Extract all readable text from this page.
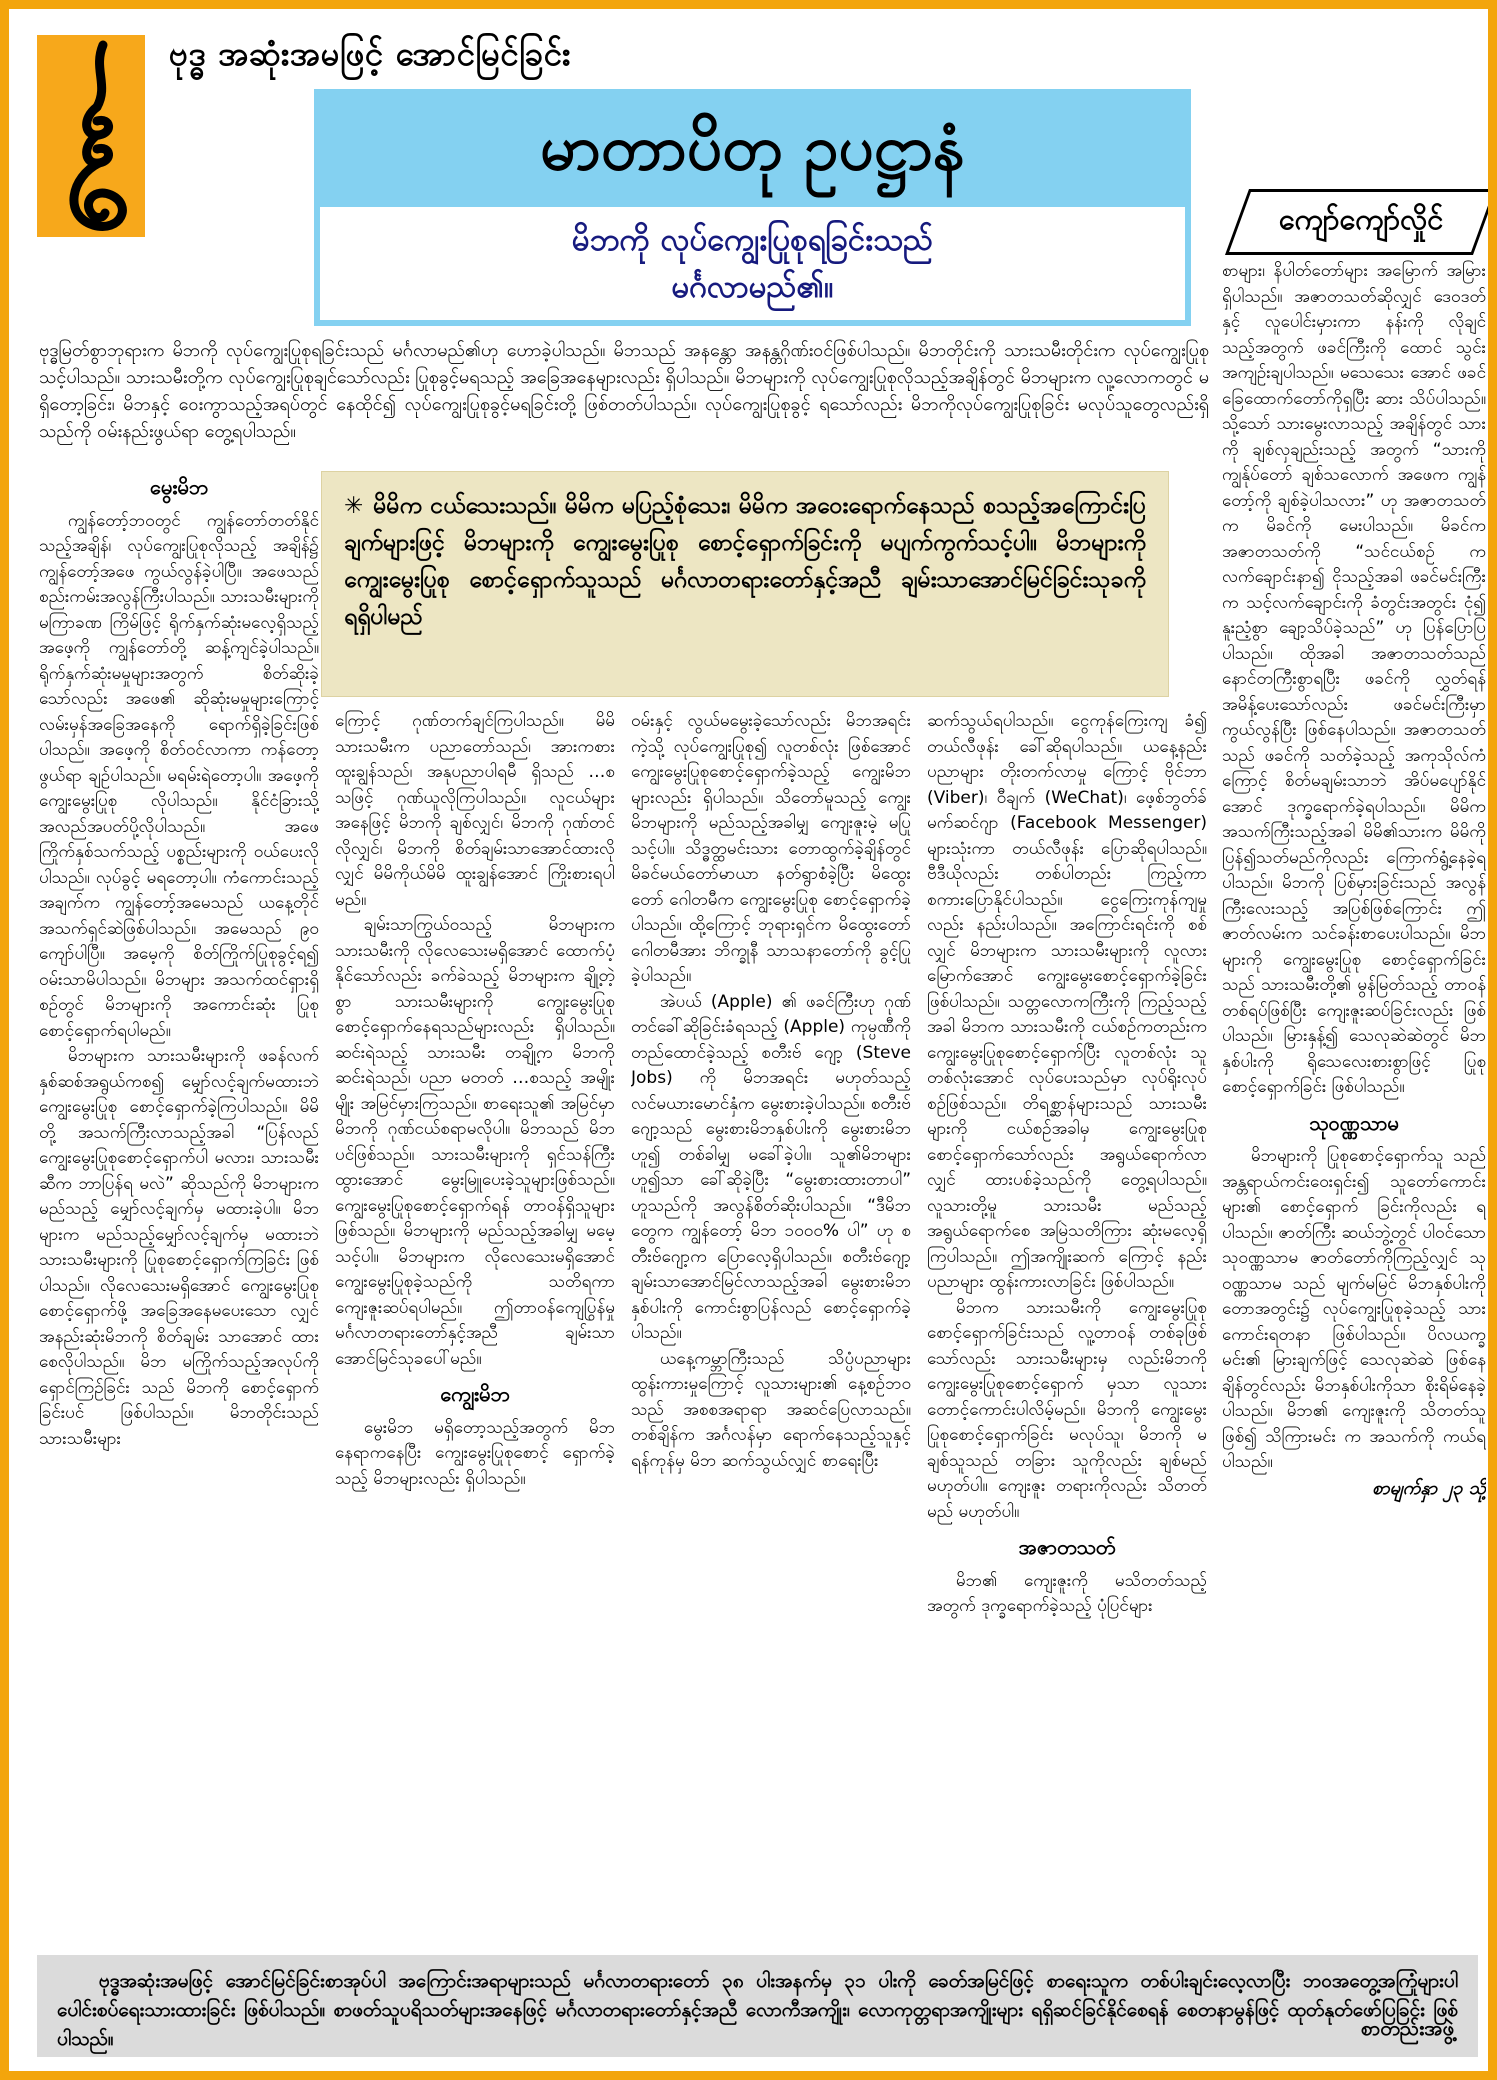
ဗုဒ္ဓ အဆုံးအမဖြင့် အောင်မြင်ခြင်း
မာတာပိတု ဥပဋ္ဌာနံ
မိဘကို လုပ်ကျွေးပြုစုရခြင်းသည်
မင်္ဂလာမည်၏။
ကျော်ကျော်လှိုင်
ဗုဒ္ဓမြတ်စွာဘုရားက မိဘကို လုပ်ကျွေးပြုစုရခြင်းသည် မင်္ဂလာမည်၏ဟု ဟောခဲ့ပါသည်။ မိဘသည် အနန္တော အနန္တဂိုဏ်းဝင်ဖြစ်ပါသည်။ မိဘတိုင်းကို သားသမီးတိုင်းက လုပ်ကျွေးပြုစုသင့်ပါသည်။ သားသမီးတို့က လုပ်ကျွေးပြုစုချင်သော်လည်း ပြုစုခွင့်မရသည့် အခြေအနေများလည်း ရှိပါသည်။ မိဘများကို လုပ်ကျွေးပြုစုလိုသည့်အချိန်တွင် မိဘများက လူ့လောကတွင် မရှိတော့ခြင်း၊ မိဘနှင့် ဝေးကွာသည့်အရပ်တွင် နေထိုင်၍ လုပ်ကျွေးပြုစုခွင့်မရခြင်းတို့ ဖြစ်တတ်ပါသည်။ လုပ်ကျွေးပြုစုခွင့် ရသော်လည်း မိဘကိုလုပ်ကျွေးပြုစုခြင်း မလုပ်သူတွေလည်းရှိသည်ကို ဝမ်းနည်းဖွယ်ရာ တွေ့ရပါသည်။

✳ မိမိက ငယ်သေးသည်။ မိမိက မပြည့်စုံသေး၊ မိမိက အဝေးရောက်နေသည် စသည့်အကြောင်းပြချက်များဖြင့် မိဘများကို ကျွေးမွေးပြုစု စောင့်ရှောက်ခြင်းကို မပျက်ကွက်သင့်ပါ။ မိဘများကို ကျွေးမွေးပြုစု စောင့်ရှောက်သူသည် မင်္ဂလာတရားတော်နှင့်အညီ ချမ်းသာအောင်မြင်ခြင်းသုခကို ရရှိပါမည်

မွေးမိဘ

ကျွန်တော့်ဘဝတွင် ကျွန်တော်တတ်နိုင်သည့်အချိန်၊ လုပ်ကျွေးပြုစုလိုသည့် အချိန်၌ ကျွန်တော့်အဖေ ကွယ်လွန်ခဲ့ပါပြီ။ အဖေသည် စည်းကမ်းအလွန်ကြီးပါသည်။ သားသမီးများကို မကြာခဏ ကြိမ်ဖြင့် ရိုက်နှက်ဆုံးမလေ့ရှိသည့် အဖေ့ကို ကျွန်တော်တို့ ဆန့်ကျင်ခဲ့ပါသည်။ ရိုက်နှက်ဆုံးမမှုများအတွက် စိတ်ဆိုးခဲ့သော်လည်း အဖေ၏ ဆိုဆုံးမမှုများကြောင့် လမ်းမှန်အခြေအနေကို ရောက်ရှိခဲ့ခြင်းဖြစ်ပါသည်။ အဖေ့ကို စိတ်ဝင်လာကာ ကန်တော့ဖွယ်ရာ ချဉ်ပါသည်။ မရမ်းရဲတော့ပါ။ အဖေ့ကို ကျွေးမွေးပြုစု လိုပါသည်။ နိုင်ငံခြားသို့ အလည်အပတ်ပို့လိုပါသည်။ အဖေကြိုက်နှစ်သက်သည့် ပစ္စည်းများကို ဝယ်ပေးလိုပါသည်။ လုပ်ခွင့် မရတော့ပါ။ ကံကောင်းသည့်အချက်က ကျွန်တော့်အမေသည် ယနေ့တိုင် အသက်ရှင်ဆဲဖြစ်ပါသည်။ အမေသည် ၉၀ ကျော်ပါပြီ။ အမေ့ကို စိတ်ကြိုက်ပြုစုခွင့်ရ၍ ဝမ်းသာမိပါသည်။ မိဘများ အသက်ထင်ရှားရှိစဉ်တွင် မိဘများကို အကောင်းဆုံး ပြုစုစောင့်ရှောက်ရပါမည်။

မိဘများက သားသမီးများကို ဖခန်လက်နှစ်ဆစ်အရွယ်ကစ၍ မျှော်လင့်ချက်မထားဘဲ ကျွေးမွေးပြုစု စောင့်ရှောက်ခဲ့ကြပါသည်။ မိမိတို့ အသက်ကြီးလာသည့်အခါ “ပြန်လည် ကျွေးမွေးပြုစုစောင့်ရှောက်ပါ မလား၊ သားသမီးဆီက ဘာပြန်ရ မလဲ” ဆိုသည်ကို မိဘများက မည်သည့် မျှော်လင့်ချက်မှ မထားခဲ့ပါ။ မိဘများက မည်သည့်မျှော်လင့်ချက်မှ မထားဘဲ သားသမီးများကို ပြုစုစောင့်ရှောက်ကြခြင်း ဖြစ်ပါသည်။ လိုလေသေးမရှိအောင် ကျွေးမွေးပြုစု စောင့်ရှောက်ဖို့ အခြေအနေမပေးသော လျှင် အနည်းဆုံးမိဘကို စိတ်ချမ်း သာအောင် ထားစေလိုပါသည်။ မိဘ မကြိုက်သည့်အလုပ်ကို ရှောင်ကြဉ်ခြင်း သည် မိဘကို စောင့်ရှောက်ခြင်းပင် ဖြစ်ပါသည်။ မိဘတိုင်းသည် သားသမီးများ

ကြောင့် ဂုဏ်တက်ချင်ကြပါသည်။ မိမိ သားသမီးက ပညာတော်သည်၊ အားကစား ထူးချွန်သည်၊ အနုပညာပါရမီ ရှိသည် …စသဖြင့် ဂုဏ်ယူလိုကြပါသည်။ လူငယ်များအနေဖြင့် မိဘကို ချစ်လျှင်၊ မိဘကို ဂုဏ်တင်လိုလျှင်၊ မိဘကို စိတ်ချမ်းသာအောင်ထားလိုလျှင် မိမိကိုယ်မိမိ ထူးချွန်အောင် ကြိုးစားရပါမည်။

ချမ်းသာကြွယ်ဝသည့် မိဘများက သားသမီးကို လိုလေသေးမရှိအောင် ထောက်ပံ့နိုင်သော်လည်း ခက်ခဲသည့် မိဘများက ချို့တဲ့စွာ သားသမီးများကို ကျွေးမွေးပြုစု စောင့်ရှောက်နေရသည်များလည်း ရှိပါသည်။ ဆင်းရဲသည့် သားသမီး တချို့က မိဘကို ဆင်းရဲသည်၊ ပညာ မတတ် …စသည့် အမျိုးမျိုး အမြင်မှားကြသည်။ စာရေးသူ၏ အမြင်မှာ မိဘကို ဂုဏ်ငယ်စရာမလိုပါ။ မိဘသည် မိဘပင်ဖြစ်သည်။ သားသမီးများကို ရှင်သန်ကြီးထွားအောင် မွေးမြူပေးခဲ့သူများဖြစ်သည်။ ကျွေးမွေးပြုစုစောင့်ရှောက်ရန် တာဝန်ရှိသူများဖြစ်သည်။ မိဘများကို မည်သည့်အခါမျှ မမေ့သင့်ပါ။ မိဘများက လိုလေသေးမရှိအောင် ကျွေးမွေးပြုစုခဲ့သည်ကို သတိရကာ ကျေးဇူးဆပ်ရပါမည်။ ဤတာဝန်ကျေပြွန်မှု မင်္ဂလာတရားတော်နှင့်အညီ ချမ်းသာအောင်မြင်သုခပေါ်မည်။

ကျွေးမိဘ

မွေးမိဘ မရှိတော့သည့်အတွက် မိဘနေရာကနေပြီး ကျွေးမွေးပြုစုစောင့် ရှောက်ခဲ့သည့် မိဘများလည်း ရှိပါသည်။

ဝမ်းနှင့် လွယ်မမွေးခဲ့သော်လည်း မိဘအရင်းကဲ့သို့ လုပ်ကျွေးပြုစု၍ လူတစ်လုံး ဖြစ်အောင် ကျွေးမွေးပြုစုစောင့်ရှောက်ခဲ့သည့် ကျွေးမိဘများလည်း ရှိပါသည်။ သိတော်မူသည့် ကျွေးမိဘများကို မည်သည့်အခါမျှ ကျေးဇူးမဲ့ မပြုသင့်ပါ။ သိဒ္ဓတ္ထမင်းသား တောထွက်ခဲ့ချိန်တွင် မိခင်မယ်တော်မာယာ နတ်ရွာစံခဲ့ပြီး မိထွေးတော် ဂေါတမီက ကျွေးမွေးပြုစု စောင့်ရှောက်ခဲ့ပါသည်။ ထို့ကြောင့် ဘုရားရှင်က မိထွေးတော် ဂေါတမီအား ဘိက္ခုနီ သာသနာတော်ကို ခွင့်ပြုခဲ့ပါသည်။

အဲပယ် (Apple) ၏ ဖခင်ကြီးဟု ဂုဏ်တင်ခေါ်ဆိုခြင်းခံရသည့် (Apple) ကုမ္ပဏီကို တည်ထောင်ခဲ့သည့် စတီးဗ် ဂျော့ (Steve Jobs) ကို မိဘအရင်း မဟုတ်သည့် လင်မယားမောင်နှံက မွေးစားခဲ့ပါသည်။ စတီးဗ်ဂျော့သည် မွေးစားမိဘနှစ်ပါးကို မွေးစားမိဘဟူ၍ တစ်ခါမျှ မခေါ်ခဲ့ပါ။ သူ၏မိဘများဟူ၍သာ ခေါ်ဆိုခဲ့ပြီး “မွေးစားထားတာပါ” ဟူသည်ကို အလွန်စိတ်ဆိုးပါသည်။ “ဒီမိဘတွေက ကျွန်တော့် မိဘ ၁၀၀၀% ပါ” ဟု စတီးဗ်ဂျော့က ပြောလေ့ရှိပါသည်။ စတီးဗ်ဂျော့ ချမ်းသာအောင်မြင်လာသည့်အခါ မွေးစားမိဘ နှစ်ပါးကို ကောင်းစွာပြန်လည် စောင့်ရှောက်ခဲ့ပါသည်။

ယနေ့ကမ္ဘာကြီးသည် သိပ္ပံပညာများ ထွန်းကားမှုကြောင့် လူသားများ၏ နေ့စဉ်ဘဝသည် အစစအရာရာ အဆင်ပြေလာသည်။ တစ်ချိန်က အင်္ဂလန်မှာ ရောက်နေသည့်သူနှင့် ရန်ကုန်မှ မိဘ ဆက်သွယ်လျှင် စာရေးပြီး

ဆက်သွယ်ရပါသည်။ ငွေကုန်ကြေးကျ ခံ၍ တယ်လီဖုန်း ခေါ်ဆိုရပါသည်။ ယနေ့နည်းပညာများ တိုးတက်လာမှု ကြောင့် ဗိုင်ဘာ (Viber)၊ ဝီချက် (WeChat)၊ ဖေ့စ်ဘွတ်ခ်မက်ဆင်ဂျာ (Facebook Messenger) များသုံးကာ တယ်လီဖုန်း ပြောဆိုရပါသည်။ ဗီဒီယိုလည်း တစ်ပါတည်း ကြည့်ကာ စကားပြောနိုင်ပါသည်။ ငွေကြေးကုန်ကျမှုလည်း နည်းပါသည်။ အကြောင်းရင်းကို စစ်လျှင် မိဘများက သားသမီးများကို လူလား မြောက်အောင် ကျွေးမွေးစောင့်ရှောက်ခဲ့ခြင်း ဖြစ်ပါသည်။ သတ္တလောကကြီးကို ကြည့်သည့်အခါ မိဘက သားသမီးကို ငယ်စဉ်ကတည်းက ကျွေးမွေးပြုစုစောင့်ရှောက်ပြီး လူတစ်လုံး သူတစ်လုံးအောင် လုပ်ပေးသည်မှာ လုပ်ရိုးလုပ်စဉ်ဖြစ်သည်။ တိရစ္ဆာန်များသည် သားသမီးများကို ငယ်စဉ်အခါမှ ကျွေးမွေးပြုစုစောင့်ရှောက်သော်လည်း အရွယ်ရောက်လာလျှင် ထားပစ်ခဲ့သည်ကို တွေ့ရပါသည်။ လူသားတို့မူ သားသမီး မည်သည့်အရွယ်ရောက်စေ အမြဲသတိကြား ဆုံးမလေ့ရှိကြပါသည်။ ဤအကျိုးဆက် ကြောင့် နည်းပညာများ ထွန်းကားလာခြင်း ဖြစ်ပါသည်။

မိဘက သားသမီးကို ကျွေးမွေးပြုစု စောင့်ရှောက်ခြင်းသည် လူ့တာဝန် တစ်ခုဖြစ်သော်လည်း သားသမီးများမှ လည်းမိဘကို ကျွေးမွေးပြုစုစောင့်ရှောက် မှသာ လူသားတောင့်ကောင်းပါလိမ့်မည်။ မိဘကို ကျွေးမွေးပြုစုစောင့်ရှောက်ခြင်း မလုပ်သူ၊ မိဘကို မချစ်သူသည် တခြား သူကိုလည်း ချစ်မည် မဟုတ်ပါ။ ကျေးဇူး တရားကိုလည်း သိတတ်မည် မဟုတ်ပါ။

အဇာတသတ်

မိဘ၏ ကျေးဇူးကို မသိတတ်သည့် အတွက် ဒုက္ခရောက်ခဲ့သည့် ပုံပြင်များ

စာများ၊ နိပါတ်တော်များ အမြောက် အမြားရှိပါသည်။ အဇာတသတ်ဆိုလျှင် ဒေဝဒတ်နှင့် လူပေါင်းမှားကာ နန်းကို လိုချင်သည့်အတွက် ဖခင်ကြီးကို ထောင် သွင်း အကျဉ်းချပါသည်။ မသေသေး အောင် ဖခင်ခြေထောက်တော်ကိုရှပြီး ဆား သိပ်ပါသည်။ သို့သော် သားမွေးလာသည့် အချိန်တွင် သားကို ချစ်လှချည်းသည့် အတွက် “သားကို ကျွန်ုပ်တော် ချစ်သလောက် အဖေက ကျွန်တော့်ကို ချစ်ခဲ့ပါသလား” ဟု အဇာတသတ်က မိခင်ကို မေးပါသည်။ မိခင်က အဇာတသတ်ကို “သင်ငယ်စဉ် က လက်ချောင်းနာ၍ ငိုသည့်အခါ ဖခင်မင်းကြီးက သင့်လက်ချောင်းကို ခံတွင်းအတွင်း ငုံ၍ နူးညံ့စွာ ချော့သိပ်ခဲ့သည်” ဟု ပြန်ပြောပြပါသည်။ ထိုအခါ အဇာတသတ်သည် နောင်တကြီးစွာရပြီး ဖခင်ကို လွှတ်ရန် အမိန့်ပေးသော်လည်း ဖခင်မင်းကြီးမှာ ကွယ်လွန်ပြီး ဖြစ်နေပါသည်။ အဇာတသတ်သည် ဖခင်ကို သတ်ခဲ့သည့် အကုသိုလ်ကံကြောင့် စိတ်မချမ်းသာဘဲ အိပ်မပျော်နိုင်အောင် ဒုက္ခရောက်ခဲ့ရပါသည်။ မိမိက အသက်ကြီးသည့်အခါ မိမိ၏သားက မိမိကို ပြန်၍သတ်မည်ကိုလည်း ကြောက်ရွံ့နေခဲ့ရပါသည်။ မိဘကို ပြစ်မှားခြင်းသည် အလွန်ကြီးလေးသည့် အပြစ်ဖြစ်ကြောင်း ဤဇာတ်လမ်းက သင်ခန်းစာပေးပါသည်။ မိဘများကို ကျွေးမွေးပြုစု စောင့်ရှောက်ခြင်းသည် သားသမီးတို့၏ မွန်မြတ်သည့် တာဝန်တစ်ရပ်ဖြစ်ပြီး ကျေးဇူးဆပ်ခြင်းလည်း ဖြစ်ပါသည်။ မြားနှန့်၍ သေလုဆဲဆဲတွင် မိဘနှစ်ပါးကို ရိုသေလေးစားစွာဖြင့် ပြုစုစောင့်ရှောက်ခြင်း ဖြစ်ပါသည်။

သုဝဏ္ဏသာမ

မိဘများကို ပြုစုစောင့်ရှောက်သူ သည် အန္တရာယ်ကင်းဝေးရှင်း၍ သူတော်ကောင်းများ၏ စောင့်ရှောက် ခြင်းကိုလည်း ရပါသည်။ ဇာတ်ကြီး ဆယ်ဘွဲ့တွင် ပါဝင်သော သုဝဏ္ဏသာမ ဇာတ်တော်ကိုကြည့်လျှင် သုဝဏ္ဏသာမ သည် မျက်မမြင် မိဘနှစ်ပါးကို တောအတွင်း၌ လုပ်ကျွေးပြုစုခဲ့သည့် သားကောင်းရတနာ ဖြစ်ပါသည်။ ပိလယက္ခမင်း၏ မြားချက်ဖြင့် သေလုဆဲဆဲ ဖြစ်နေချိန်တွင်လည်း မိဘနှစ်ပါးကိုသာ စိုးရိမ်နေခဲ့ပါသည်။ မိဘ၏ ကျေးဇူးကို သိတတ်သူဖြစ်၍ သိကြားမင်း က အသက်ကို ကယ်ရပါသည်။

စာမျက်နှာ ၂၃ သို့

ဗုဒ္ဓအဆုံးအမဖြင့် အောင်မြင်ခြင်းစာအုပ်ပါ အကြောင်းအရာများသည် မင်္ဂလာတရားတော် ၃၈ ပါးအနက်မှ ၃၁ ပါးကို ခေတ်အမြင်ဖြင့် စာရေးသူက တစ်ပါးချင်းလေ့လာပြီး ဘဝအတွေ့အကြုံများပါ ပေါင်းစပ်ရေးသားထားခြင်း ဖြစ်ပါသည်။ စာဖတ်သူပရိသတ်များအနေဖြင့် မင်္ဂလာတရားတော်နှင့်အညီ လောကီအကျိုး၊ လောကုတ္တရာအကျိုးများ ရရှိဆင်ခြင်နိုင်စေရန် စေတနာမွန်ဖြင့် ထုတ်နုတ်ဖော်ပြခြင်း ဖြစ်ပါသည်။	စာတည်းအဖွဲ့
